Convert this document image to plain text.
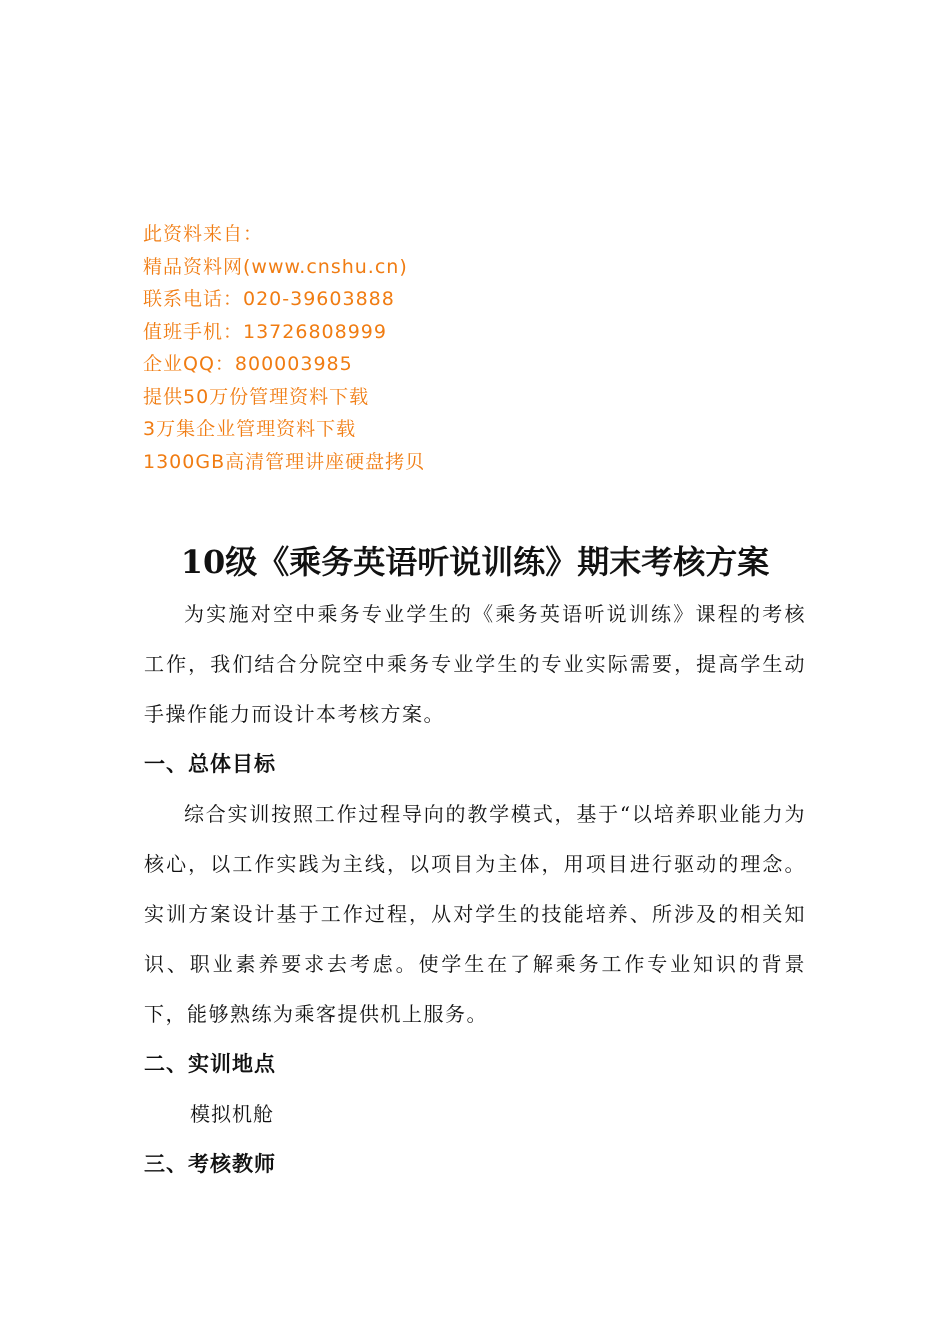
此资料来自：
精品资料网(www.cnshu.cn)
联系电话：020-39603888
值班手机：13726808999
企业QQ：800003985
提供50万份管理资料下载
3万集企业管理资料下载
1300GB高清管理讲座硬盘拷贝
10级《乘务英语听说训练》期末考核方案

为实施对空中乘务专业学生的《乘务英语听说训练》课程的考核工作，我们结合分院空中乘务专业学生的专业实际需要，提高学生动手操作能力而设计本考核方案。

一、总体目标

综合实训按照工作过程导向的教学模式，基于“以培养职业能力为核心，以工作实践为主线，以项目为主体，用项目进行驱动的理念。实训方案设计基于工作过程，从对学生的技能培养、所涉及的相关知识、职业素养要求去考虑。使学生在了解乘务工作专业知识的背景下，能够熟练为乘客提供机上服务。

二、实训地点

模拟机舱

三、考核教师
